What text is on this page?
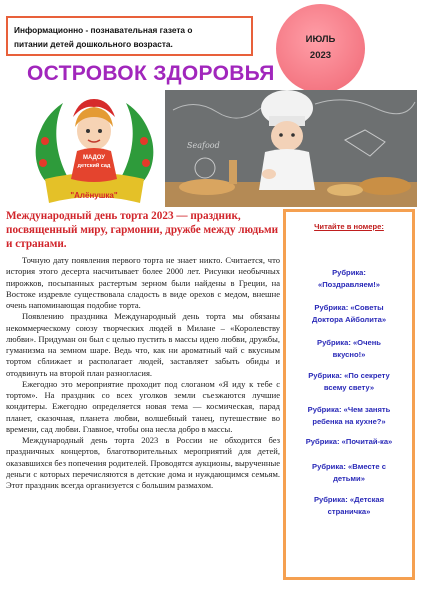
Информационно - познавательная газета о
питании детей дошкольного возраста.	ИЮЛЬ
2023
ОСТРОВОК ЗДОРОВЬЯ
МАДОУ
детский сад
"Алёнушка"
Seafood
Международный день торта 2023 — праздник, посвященный миру, гармонии, дружбе между людьми и странами.

Точную дату появления первого торта не знает никто. Считается, что история этого десерта насчитывает более 2000 лет. Рисунки необычных пирожков, посыпанных растертым зерном были найдены в Греции, на Востоке издревле существовала сладость в виде орехов с медом, внешне очень напоминающая подобие торта.

Появлению праздника Международный день торта мы обязаны некоммерческому союзу творческих людей в Милане – «Королевству любви». Придуман он был с целью пустить в массы идею любви, дружбы, гуманизма на земном шаре. Ведь что, как ни ароматный чай с вкусным тортом сближает и располагает людей, заставляет забыть обиды и отодвинуть на второй план разногласия.

Ежегодно это мероприятие проходит под слоганом «Я иду к тебе с тортом». На праздник со всех уголков земли съезжаются лучшие кондитеры. Ежегодно определяется новая тема — космическая, парад планет, сказочная, планета любви, волшебный танец, путешествие во времени, сад любви. Главное, чтобы она несла добро в массы.

Международный день торта 2023 в России не обходится без праздничных концертов, благотворительных мероприятий для детей, оказавшихся без попечения родителей. Проводятся аукционы, вырученные деньги с которых перечисляются в детские дома и нуждающимся семьям. Этот праздник всегда организуется с большим размахом.

Читайте в номере:
Рубрика:
«Поздравляем!»
Рубрика: «Советы
Доктора Айболита»
Рубрика: «Очень
вкусно!»
Рубрика: «По секрету
всему свету»
Рубрика: «Чем занять
ребенка на кухне?»
Рубрика: «Почитай-ка»
Рубрика: «Вместе с
детьми»
Рубрика: «Детская
страничка»
